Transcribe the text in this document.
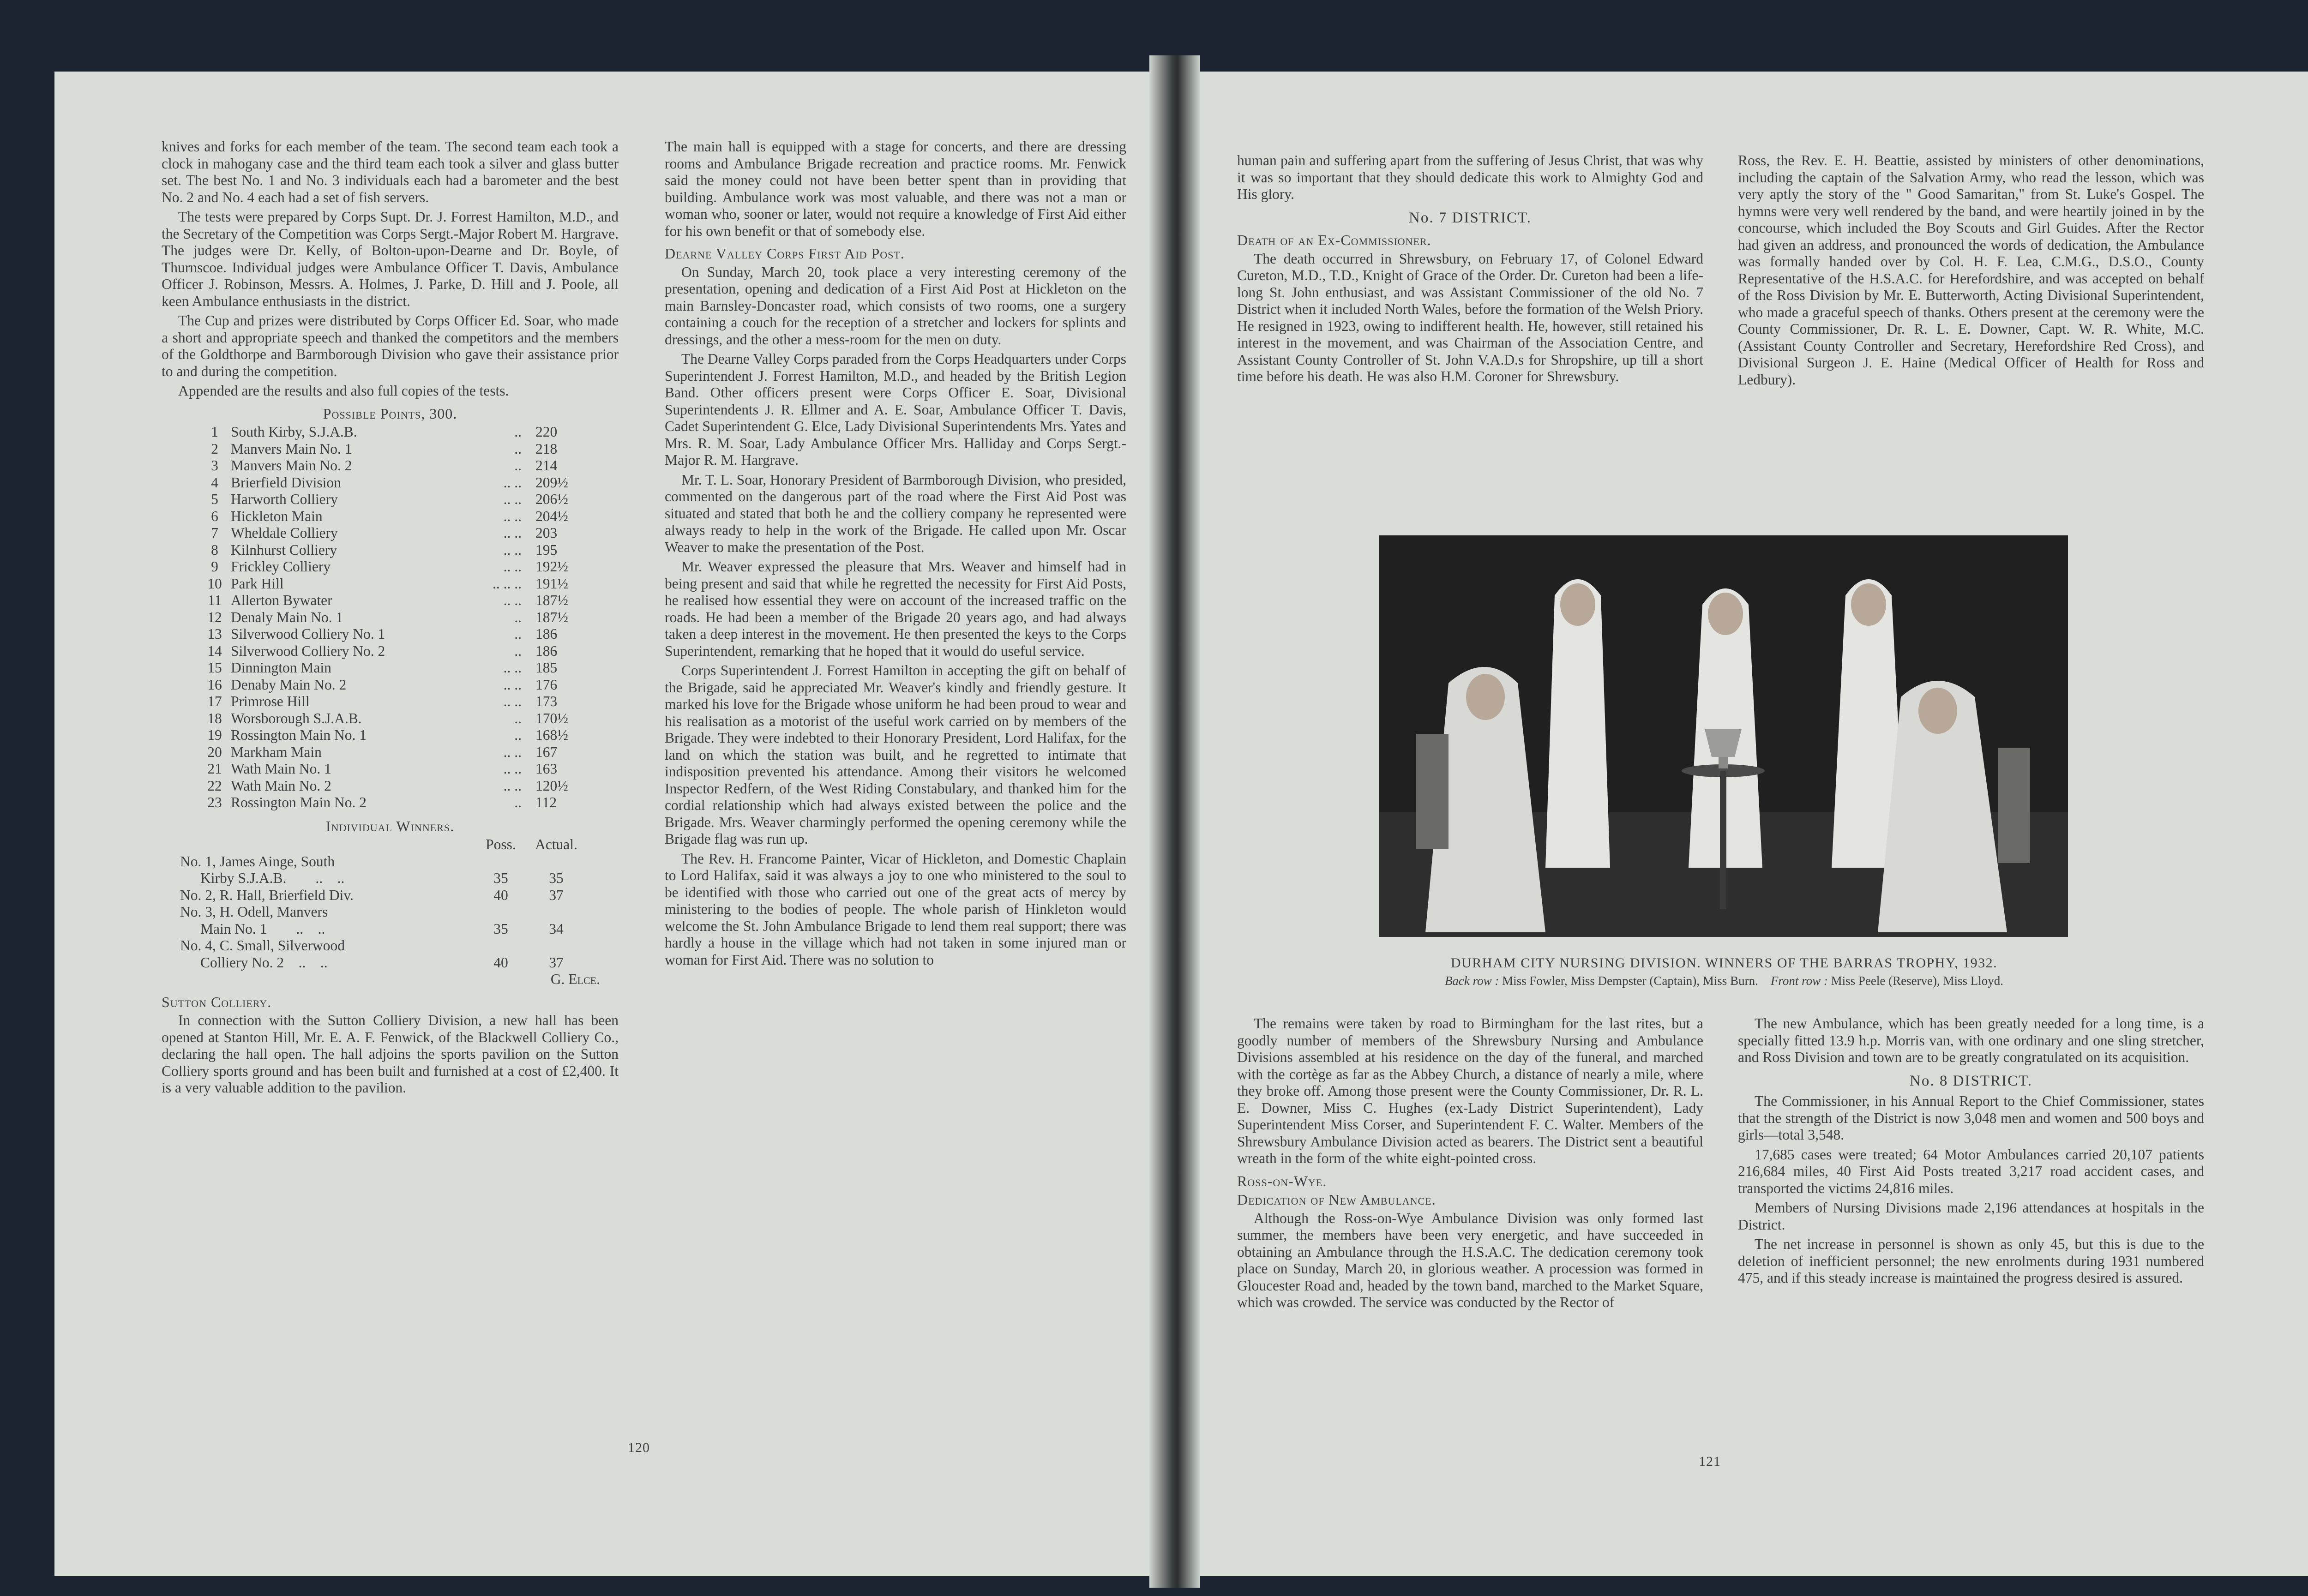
knives and forks for each member of the team. The second team each took a clock in mahogany case and the third team each took a silver and glass butter set. The best No. 1 and No. 3 individuals each had a barometer and the best No. 2 and No. 4 each had a set of fish servers.

The tests were prepared by Corps Supt. Dr. J. Forrest Hamilton, M.D., and the Secretary of the Competition was Corps Sergt.-Major Robert M. Hargrave. The judges were Dr. Kelly, of Bolton-upon-Dearne and Dr. Boyle, of Thurnscoe. Individual judges were Ambulance Officer T. Davis, Ambulance Officer J. Robinson, Messrs. A. Holmes, J. Parke, D. Hill and J. Poole, all keen Ambulance enthusiasts in the district.

The Cup and prizes were distributed by Corps Officer Ed. Soar, who made a short and appropriate speech and thanked the competitors and the members of the Goldthorpe and Barmborough Division who gave their assistance prior to and during the competition.

Appended are the results and also full copies of the tests.

Possible Points, 300.
1	South Kirby, S.J.A.B.	..	220
2	Manvers Main No. 1	..	218
3	Manvers Main No. 2	..	214
4	Brierfield Division	.. ..	209½
5	Harworth Colliery	.. ..	206½
6	Hickleton Main	.. ..	204½
7	Wheldale Colliery	.. ..	203
8	Kilnhurst Colliery	.. ..	195
9	Frickley Colliery	.. ..	192½
10	Park Hill	.. .. ..	191½
11	Allerton Bywater	.. ..	187½
12	Denaly Main No. 1	..	187½
13	Silverwood Colliery No. 1	..	186
14	Silverwood Colliery No. 2	..	186
15	Dinnington Main	.. ..	185
16	Denaby Main No. 2	.. ..	176
17	Primrose Hill	.. ..	173
18	Worsborough S.J.A.B.	..	170½
19	Rossington Main No. 1	..	168½
20	Markham Main	.. ..	167
21	Wath Main No. 1	.. ..	163
22	Wath Main No. 2	.. ..	120½
23	Rossington Main No. 2	..	112
Individual Winners.
	Poss.	Actual.
No. 1, James Ainge, South		
Kirby S.J.A.B.        ..    ..	35	35
No. 2, R. Hall, Brierfield Div.	40	37
No. 3, H. Odell, Manvers		
Main No. 1        ..    ..	35	34
No. 4, C. Small, Silverwood		
Colliery No. 2    ..    ..	40	37
G. Elce.
Sutton Colliery.

In connection with the Sutton Colliery Division, a new hall has been opened at Stanton Hill, Mr. E. A. F. Fenwick, of the Blackwell Colliery Co., declaring the hall open. The hall adjoins the sports pavilion on the Sutton Colliery sports ground and has been built and furnished at a cost of £2,400. It is a very valuable addition to the pavilion.

The main hall is equipped with a stage for concerts, and there are dressing rooms and Ambulance Brigade recreation and practice rooms. Mr. Fenwick said the money could not have been better spent than in providing that building. Ambulance work was most valuable, and there was not a man or woman who, sooner or later, would not require a knowledge of First Aid either for his own benefit or that of somebody else.

Dearne Valley Corps First Aid Post.

On Sunday, March 20, took place a very interesting ceremony of the presentation, opening and dedication of a First Aid Post at Hickleton on the main Barnsley-Doncaster road, which consists of two rooms, one a surgery containing a couch for the reception of a stretcher and lockers for splints and dressings, and the other a mess-room for the men on duty.

The Dearne Valley Corps paraded from the Corps Headquarters under Corps Superintendent J. Forrest Hamilton, M.D., and headed by the British Legion Band. Other officers present were Corps Officer E. Soar, Divisional Superintendents J. R. Ellmer and A. E. Soar, Ambulance Officer T. Davis, Cadet Superintendent G. Elce, Lady Divisional Superintendents Mrs. Yates and Mrs. R. M. Soar, Lady Ambulance Officer Mrs. Halliday and Corps Sergt.-Major R. M. Hargrave.

Mr. T. L. Soar, Honorary President of Barmborough Division, who presided, commented on the dangerous part of the road where the First Aid Post was situated and stated that both he and the colliery company he represented were always ready to help in the work of the Brigade. He called upon Mr. Oscar Weaver to make the presentation of the Post.

Mr. Weaver expressed the pleasure that Mrs. Weaver and himself had in being present and said that while he regretted the necessity for First Aid Posts, he realised how essential they were on account of the increased traffic on the roads. He had been a member of the Brigade 20 years ago, and had always taken a deep interest in the movement. He then presented the keys to the Corps Superintendent, remarking that he hoped that it would do useful service.

Corps Superintendent J. Forrest Hamilton in accepting the gift on behalf of the Brigade, said he appreciated Mr. Weaver's kindly and friendly gesture. It marked his love for the Brigade whose uniform he had been proud to wear and his realisation as a motorist of the useful work carried on by members of the Brigade. They were indebted to their Honorary President, Lord Halifax, for the land on which the station was built, and he regretted to intimate that indisposition prevented his attendance. Among their visitors he welcomed Inspector Redfern, of the West Riding Constabulary, and thanked him for the cordial relationship which had always existed between the police and the Brigade. Mrs. Weaver charmingly performed the opening ceremony while the Brigade flag was run up.

The Rev. H. Francome Painter, Vicar of Hickleton, and Domestic Chaplain to Lord Halifax, said it was always a joy to one who ministered to the soul to be identified with those who carried out one of the great acts of mercy by ministering to the bodies of people. The whole parish of Hinkleton would welcome the St. John Ambulance Brigade to lend them real support; there was hardly a house in the village which had not taken in some injured man or woman for First Aid. There was no solution to

120

human pain and suffering apart from the suffering of Jesus Christ, that was why it was so important that they should dedicate this work to Almighty God and His glory.

No. 7 DISTRICT.
Death of an Ex-Commissioner.

The death occurred in Shrewsbury, on February 17, of Colonel Edward Cureton, M.D., T.D., Knight of Grace of the Order. Dr. Cureton had been a life-long St. John enthusiast, and was Assistant Commissioner of the old No. 7 District when it included North Wales, before the formation of the Welsh Priory. He resigned in 1923, owing to indifferent health. He, however, still retained his interest in the movement, and was Chairman of the Association Centre, and Assistant County Controller of St. John V.A.D.s for Shropshire, up till a short time before his death. He was also H.M. Coroner for Shrewsbury.

Ross, the Rev. E. H. Beattie, assisted by ministers of other denominations, including the captain of the Salvation Army, who read the lesson, which was very aptly the story of the " Good Samaritan," from St. Luke's Gospel. The hymns were very well rendered by the band, and were heartily joined in by the concourse, which included the Boy Scouts and Girl Guides. After the Rector had given an address, and pronounced the words of dedication, the Ambulance was formally handed over by Col. H. F. Lea, C.M.G., D.S.O., County Representative of the H.S.A.C. for Herefordshire, and was accepted on behalf of the Ross Division by Mr. E. Butterworth, Acting Divisional Superintendent, who made a graceful speech of thanks. Others present at the ceremony were the County Commissioner, Dr. R. L. E. Downer, Capt. W. R. White, M.C. (Assistant County Controller and Secretary, Herefordshire Red Cross), and Divisional Surgeon J. E. Haine (Medical Officer of Health for Ross and Ledbury).

DURHAM CITY NURSING DIVISION. WINNERS OF THE BARRAS TROPHY, 1932.
Back row : Miss Fowler, Miss Dempster (Captain), Miss Burn. Front row : Miss Peele (Reserve), Miss Lloyd.

The remains were taken by road to Birmingham for the last rites, but a goodly number of members of the Shrewsbury Nursing and Ambulance Divisions assembled at his residence on the day of the funeral, and marched with the cortège as far as the Abbey Church, a distance of nearly a mile, where they broke off. Among those present were the County Commissioner, Dr. R. L. E. Downer, Miss C. Hughes (ex-Lady District Superintendent), Lady Superintendent Miss Corser, and Superintendent F. C. Walter. Members of the Shrewsbury Ambulance Division acted as bearers. The District sent a beautiful wreath in the form of the white eight-pointed cross.

Ross-on-Wye.
Dedication of New Ambulance.

Although the Ross-on-Wye Ambulance Division was only formed last summer, the members have been very energetic, and have succeeded in obtaining an Ambulance through the H.S.A.C. The dedication ceremony took place on Sunday, March 20, in glorious weather. A procession was formed in Gloucester Road and, headed by the town band, marched to the Market Square, which was crowded. The service was conducted by the Rector of

The new Ambulance, which has been greatly needed for a long time, is a specially fitted 13.9 h.p. Morris van, with one ordinary and one sling stretcher, and Ross Division and town are to be greatly congratulated on its acquisition.

No. 8 DISTRICT.

The Commissioner, in his Annual Report to the Chief Commissioner, states that the strength of the District is now 3,048 men and women and 500 boys and girls—total 3,548.

17,685 cases were treated; 64 Motor Ambulances carried 20,107 patients 216,684 miles, 40 First Aid Posts treated 3,217 road accident cases, and transported the victims 24,816 miles.

Members of Nursing Divisions made 2,196 attendances at hospitals in the District.

The net increase in personnel is shown as only 45, but this is due to the deletion of inefficient personnel; the new enrolments during 1931 numbered 475, and if this steady increase is maintained the progress desired is assured.

121
